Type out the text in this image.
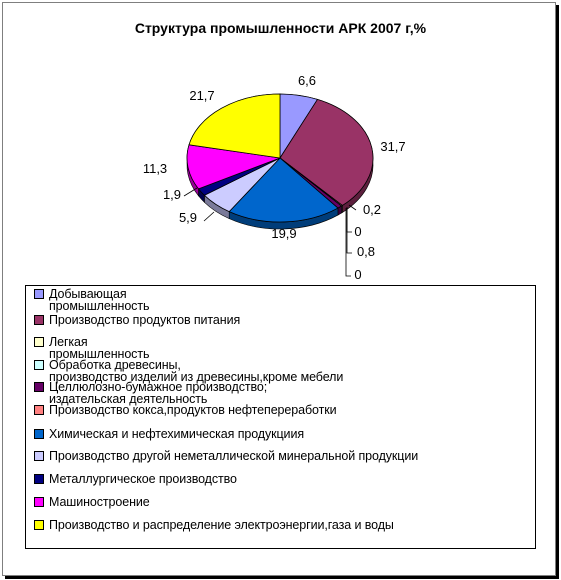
Структура промышленности АРК 2007 г,%
6,6
31,7
0,2
0
0,8
0
19,9
5,9
1,9
11,3
21,7
Добывающая
промышленность
Производство продуктов питания
Легкая
промышленность
Обработка древесины,
производство изделий из древесины,кроме мебели
Целлюлозно-бумажное производство;
издательская деятельность
Производство кокса,продуктов нефтепереработки
Химическая и нефтехимическая продукциия
Производство другой неметаллической минеральной продукции
Металлургическое производство
Машиностроение
Производство и распределение электроэнергии,газа и воды
